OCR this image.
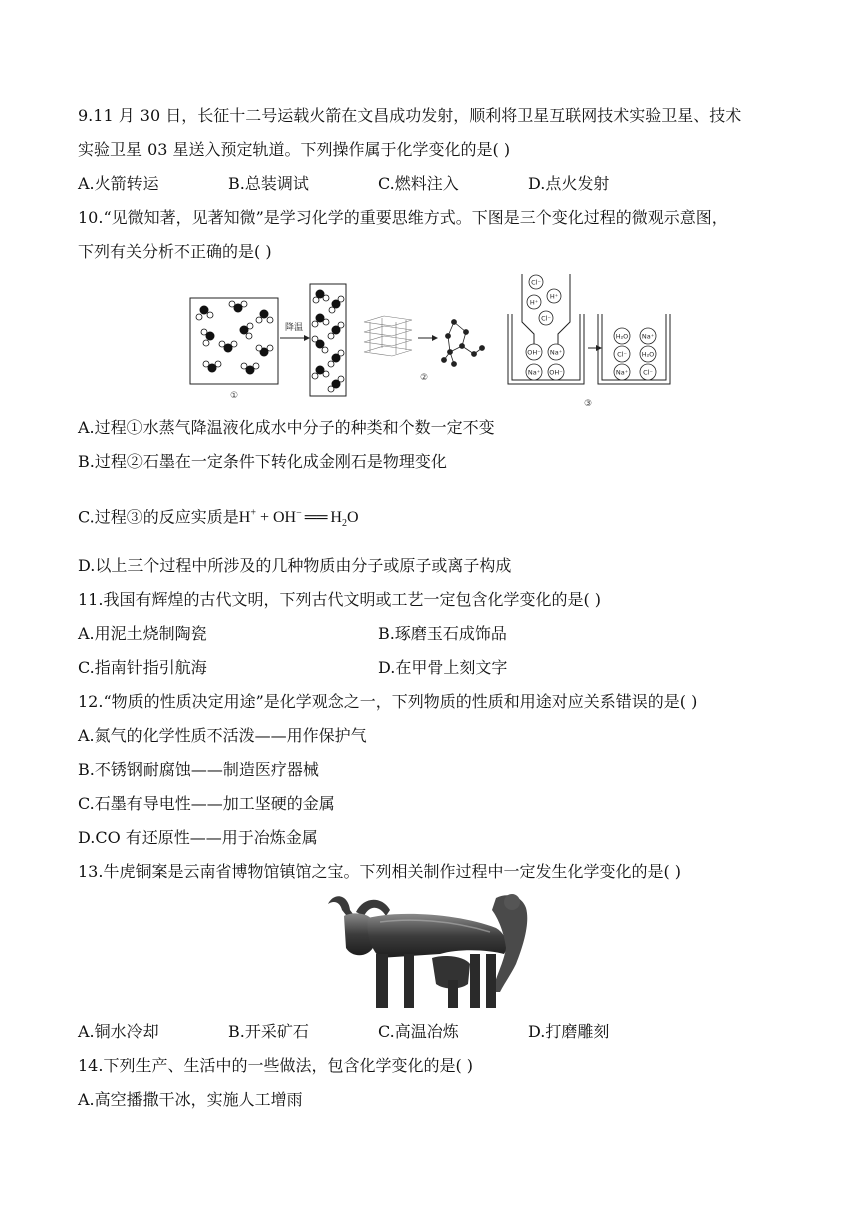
9.11 月 30 日，长征十二号运载火箭在文昌成功发射，顺利将卫星互联网技术实验卫星、技术
实验卫星 03 星送入预定轨道。下列操作属于化学变化的是( )
A.火箭转运	B.总装调试	C.燃料注入	D.点火发射
10.“见微知著，见著知微”是学习化学的重要思维方式。下图是三个变化过程的微观示意图，
下列有关分析不正确的是( )
①
降温
②
Cl⁻
H⁺
H⁺
Cl⁻
OH⁻ Na⁺
Na⁺ OH⁻
H₂O Na⁺
Cl⁻ H₂O
Na⁺ Cl⁻
③
A.过程①水蒸气降温液化成水中分子的种类和个数一定不变
B.过程②石墨在一定条件下转化成金刚石是物理变化
C.过程③的反应实质是H+ + OH− ══ $H_2O$
D.以上三个过程中所涉及的几种物质由分子或原子或离子构成
11.我国有辉煌的古代文明，下列古代文明或工艺一定包含化学变化的是( )
A.用泥土烧制陶瓷	B.琢磨玉石成饰品
C.指南针指引航海	D.在甲骨上刻文字
12.“物质的性质决定用途”是化学观念之一，下列物质的性质和用途对应关系错误的是( )
A.氮气的化学性质不活泼——用作保护气
B.不锈钢耐腐蚀——制造医疗器械
C.石墨有导电性——加工坚硬的金属
D.CO 有还原性——用于冶炼金属
13.牛虎铜案是云南省博物馆镇馆之宝。下列相关制作过程中一定发生化学变化的是( )
A.铜水冷却	B.开采矿石	C.高温冶炼	D.打磨雕刻
14.下列生产、生活中的一些做法，包含化学变化的是( )
A.高空播撒干冰，实施人工增雨
